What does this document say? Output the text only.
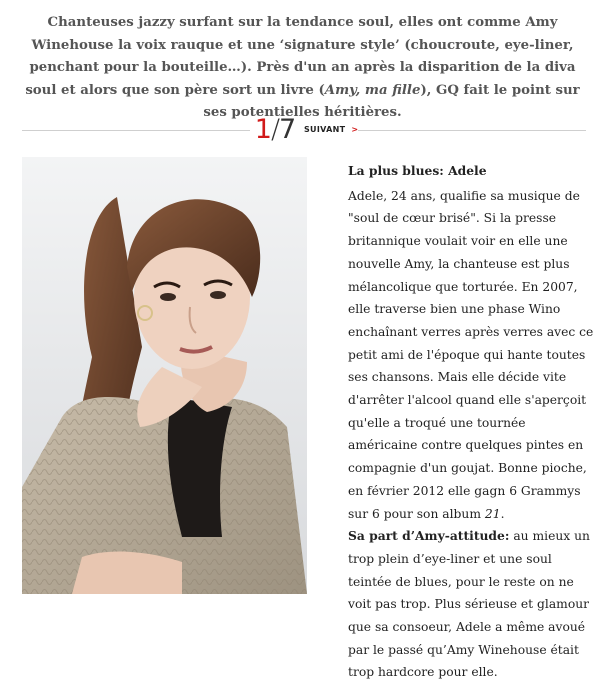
Chanteuses jazzy surfant sur la tendance soul, elles ont comme Amy Winehouse la voix rauque et une ‘signature style’ (choucroute, eye-liner, penchant pour la bouteille…). Près d'un an après la disparition de la diva soul et alors que son père sort un livre (Amy, ma fille), GQ fait le point sur ses potentielles héritières.

1/7	SUIVANT >

La plus blues: Adele

Adele, 24 ans, qualifie sa musique de "soul de cœur brisé". Si la presse britannique voulait voir en elle une nouvelle Amy, la chanteuse est plus mélancolique que torturée. En 2007, elle traverse bien une phase Wino enchaînant verres après verres avec ce petit ami de l'époque qui hante toutes ses chansons. Mais elle décide vite d'arrêter l'alcool quand elle s'aperçoit qu'elle a troqué une tournée américaine contre quelques pintes en compagnie d'un goujat. Bonne pioche, en février 2012 elle gagn 6 Grammys sur 6 pour son album 21.
Sa part d’Amy-attitude: au mieux un trop plein d’eye-liner et une soul teintée de blues, pour le reste on ne voit pas trop. Plus sérieuse et glamour que sa consoeur, Adele a même avoué par le passé qu’Amy Winehouse était trop hardcore pour elle.
